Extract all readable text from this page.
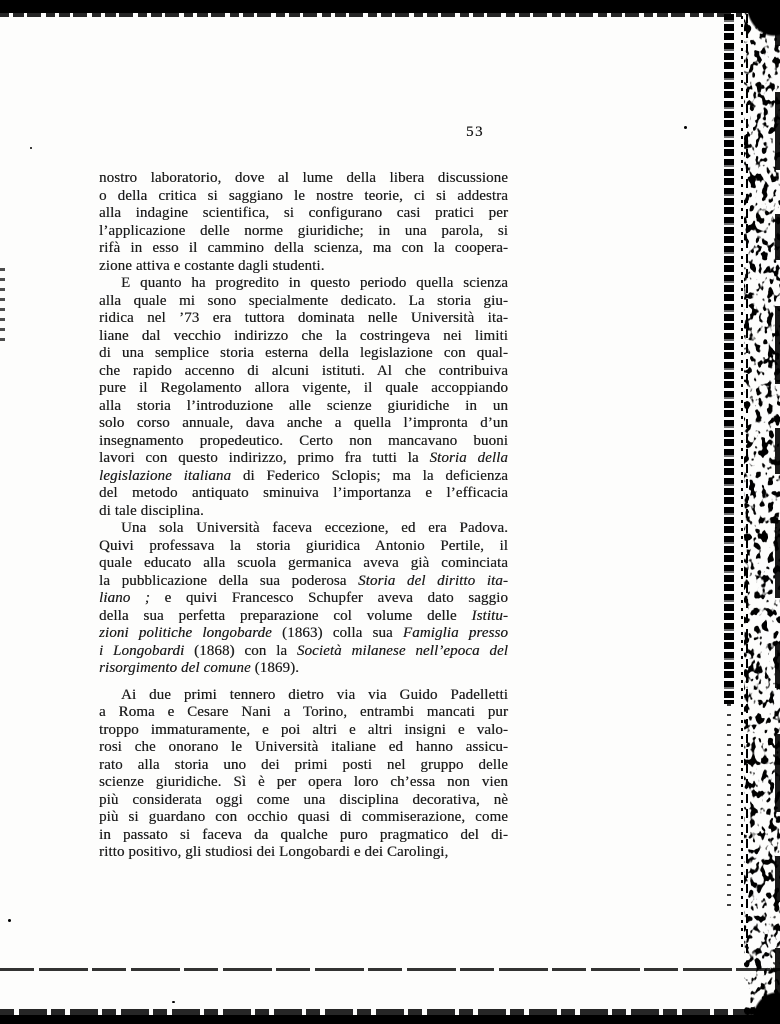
53
nostro laboratorio, dove al lume della libera discussione
o della critica si saggiano le nostre teorie, ci si addestra
alla indagine scientifica, si configurano casi pratici per
l’applicazione delle norme giuridiche; in una parola, si
rifà in esso il cammino della scienza, ma con la coopera-
zione attiva e costante dagli studenti.
E quanto ha progredito in questo periodo quella scienza
alla quale mi sono specialmente dedicato. La storia giu-
ridica nel ’73 era tuttora dominata nelle Università ita-
liane dal vecchio indirizzo che la costringeva nei limiti
di una semplice storia esterna della legislazione con qual-
che rapido accenno di alcuni istituti. Al che contribuiva
pure il Regolamento allora vigente, il quale accoppiando
alla storia l’introduzione alle scienze giuridiche in un
solo corso annuale, dava anche a quella l’impronta d’un
insegnamento propedeutico. Certo non mancavano buoni
lavori con questo indirizzo, primo fra tutti la Storia della
legislazione italiana di Federico Sclopis; ma la deficienza
del metodo antiquato sminuiva l’importanza e l’efficacia
di tale disciplina.
Una sola Università faceva eccezione, ed era Padova.
Quivi professava la storia giuridica Antonio Pertile, il
quale educato alla scuola germanica aveva già cominciata
la pubblicazione della sua poderosa Storia del diritto ita-
liano ; e quivi Francesco Schupfer aveva dato saggio
della sua perfetta preparazione col volume delle Istitu-
zioni politiche longobarde (1863) colla sua Famiglia presso
i Longobardi (1868) con la Società milanese nell’epoca del
risorgimento del comune (1869).
Ai due primi tennero dietro via via Guido Padelletti
a Roma e Cesare Nani a Torino, entrambi mancati pur
troppo immaturamente, e poi altri e altri insigni e valo-
rosi che onorano le Università italiane ed hanno assicu-
rato alla storia uno dei primi posti nel gruppo delle
scienze giuridiche. Sì è per opera loro ch’essa non vien
più considerata oggi come una disciplina decorativa, nè
più si guardano con occhio quasi di commiserazione, come
in passato si faceva da qualche puro pragmatico del di-
ritto positivo, gli studiosi dei Longobardi e dei Carolingi,
